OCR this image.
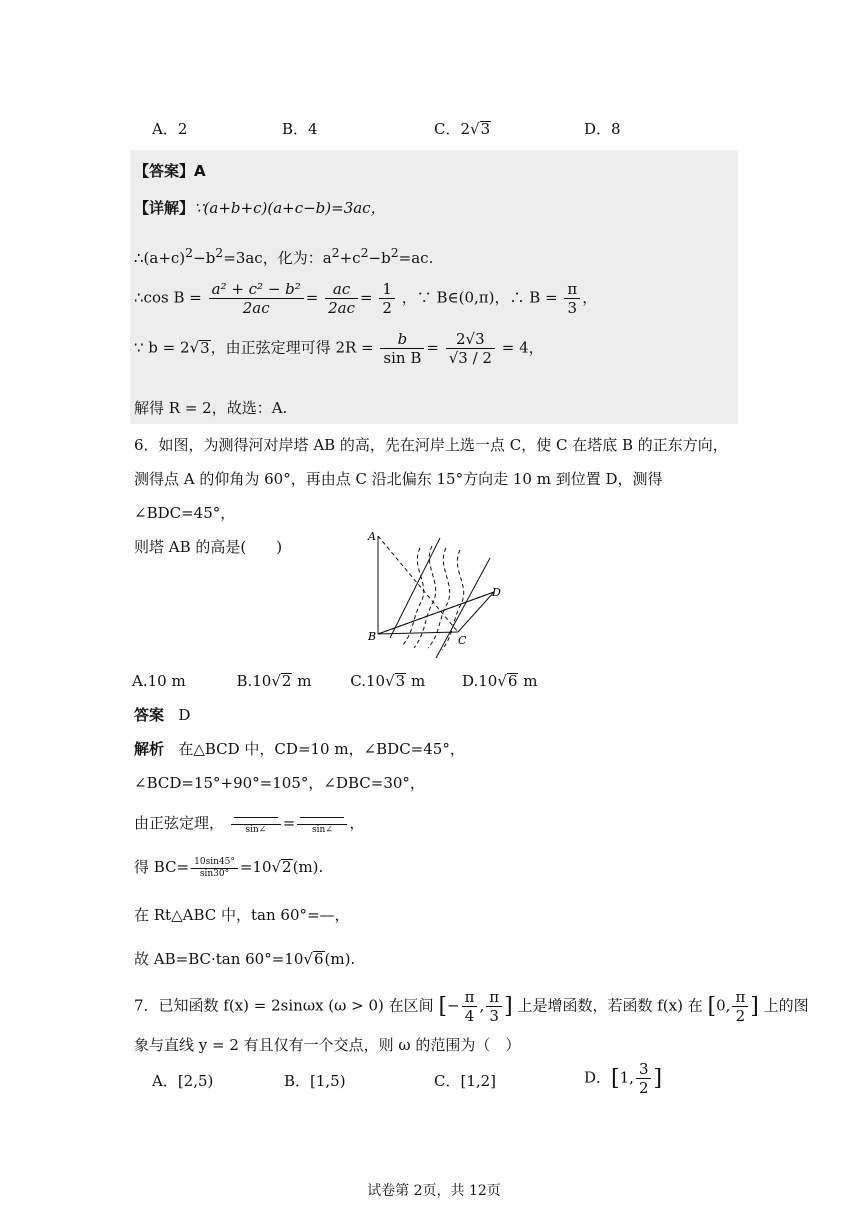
A．2	B．4	C．2√3	D．8
【答案】A
【详解】∵(a+b+c)(a+c−b)=3ac，
$\therefore(a+c)^2-b^2=3ac$，化为：$a^2+c^2-b^2=ac$.
∴cos $B = \frac{\text{a² + c² − b²}}{2ac} = \frac{ac}{2ac} = \frac{1}{2}$ ，∵ B∈(0,π)，∴ $B = \frac{\pi}{3}$ ，
∵ b = 2√3，由正弦定理可得 $2R = \frac{b}{\text{sin B}} = \frac{2√3}{√3 / 2} = 4$，
解得 R = 2，故选：A.
6．如图，为测得河对岸塔 AB 的高，先在河岸上选一点 C，使 C 在塔底 B 的正东方向，
测得点 A 的仰角为 60°，再由点 C 沿北偏东 15°方向走 10 m 到位置 D，测得∠BDC=45°，
则塔 AB 的高是(　　)
A
B	C
D
A.10 m	B.10√2 m	C.10√3 m D.10√6 m
答案 D
解析 在△BCD 中，CD=10 m，∠BDC=45°，
∠BCD=15°+90°=105°，∠DBC=30°，
由正弦定理，	sin∠	=	sin∠	，
得 $BC= \frac{10\sin 45^\circ}{\sin 30^\circ} =10√2(m)$.
在 Rt△ABC 中，tan 60°=—，
故 AB=BC·tan 60°=10√6(m).
7．已知函数 f(x) = 2sinωx (ω > 0) 在区间 [− $\frac{\pi}{4}$ , $\frac{\pi}{3}$ ] 上是增函数，若函数 f(x) 在 [0, $\frac{\pi}{2}$ ] 上的图
象与直线 y = 2 有且仅有一个交点，则 ω 的范围为（　）
A．[2,5)	B．[1,5)	C．[1,2]	D．[1, $\frac{3}{2}$ ]
试卷第 2页，共 12页
